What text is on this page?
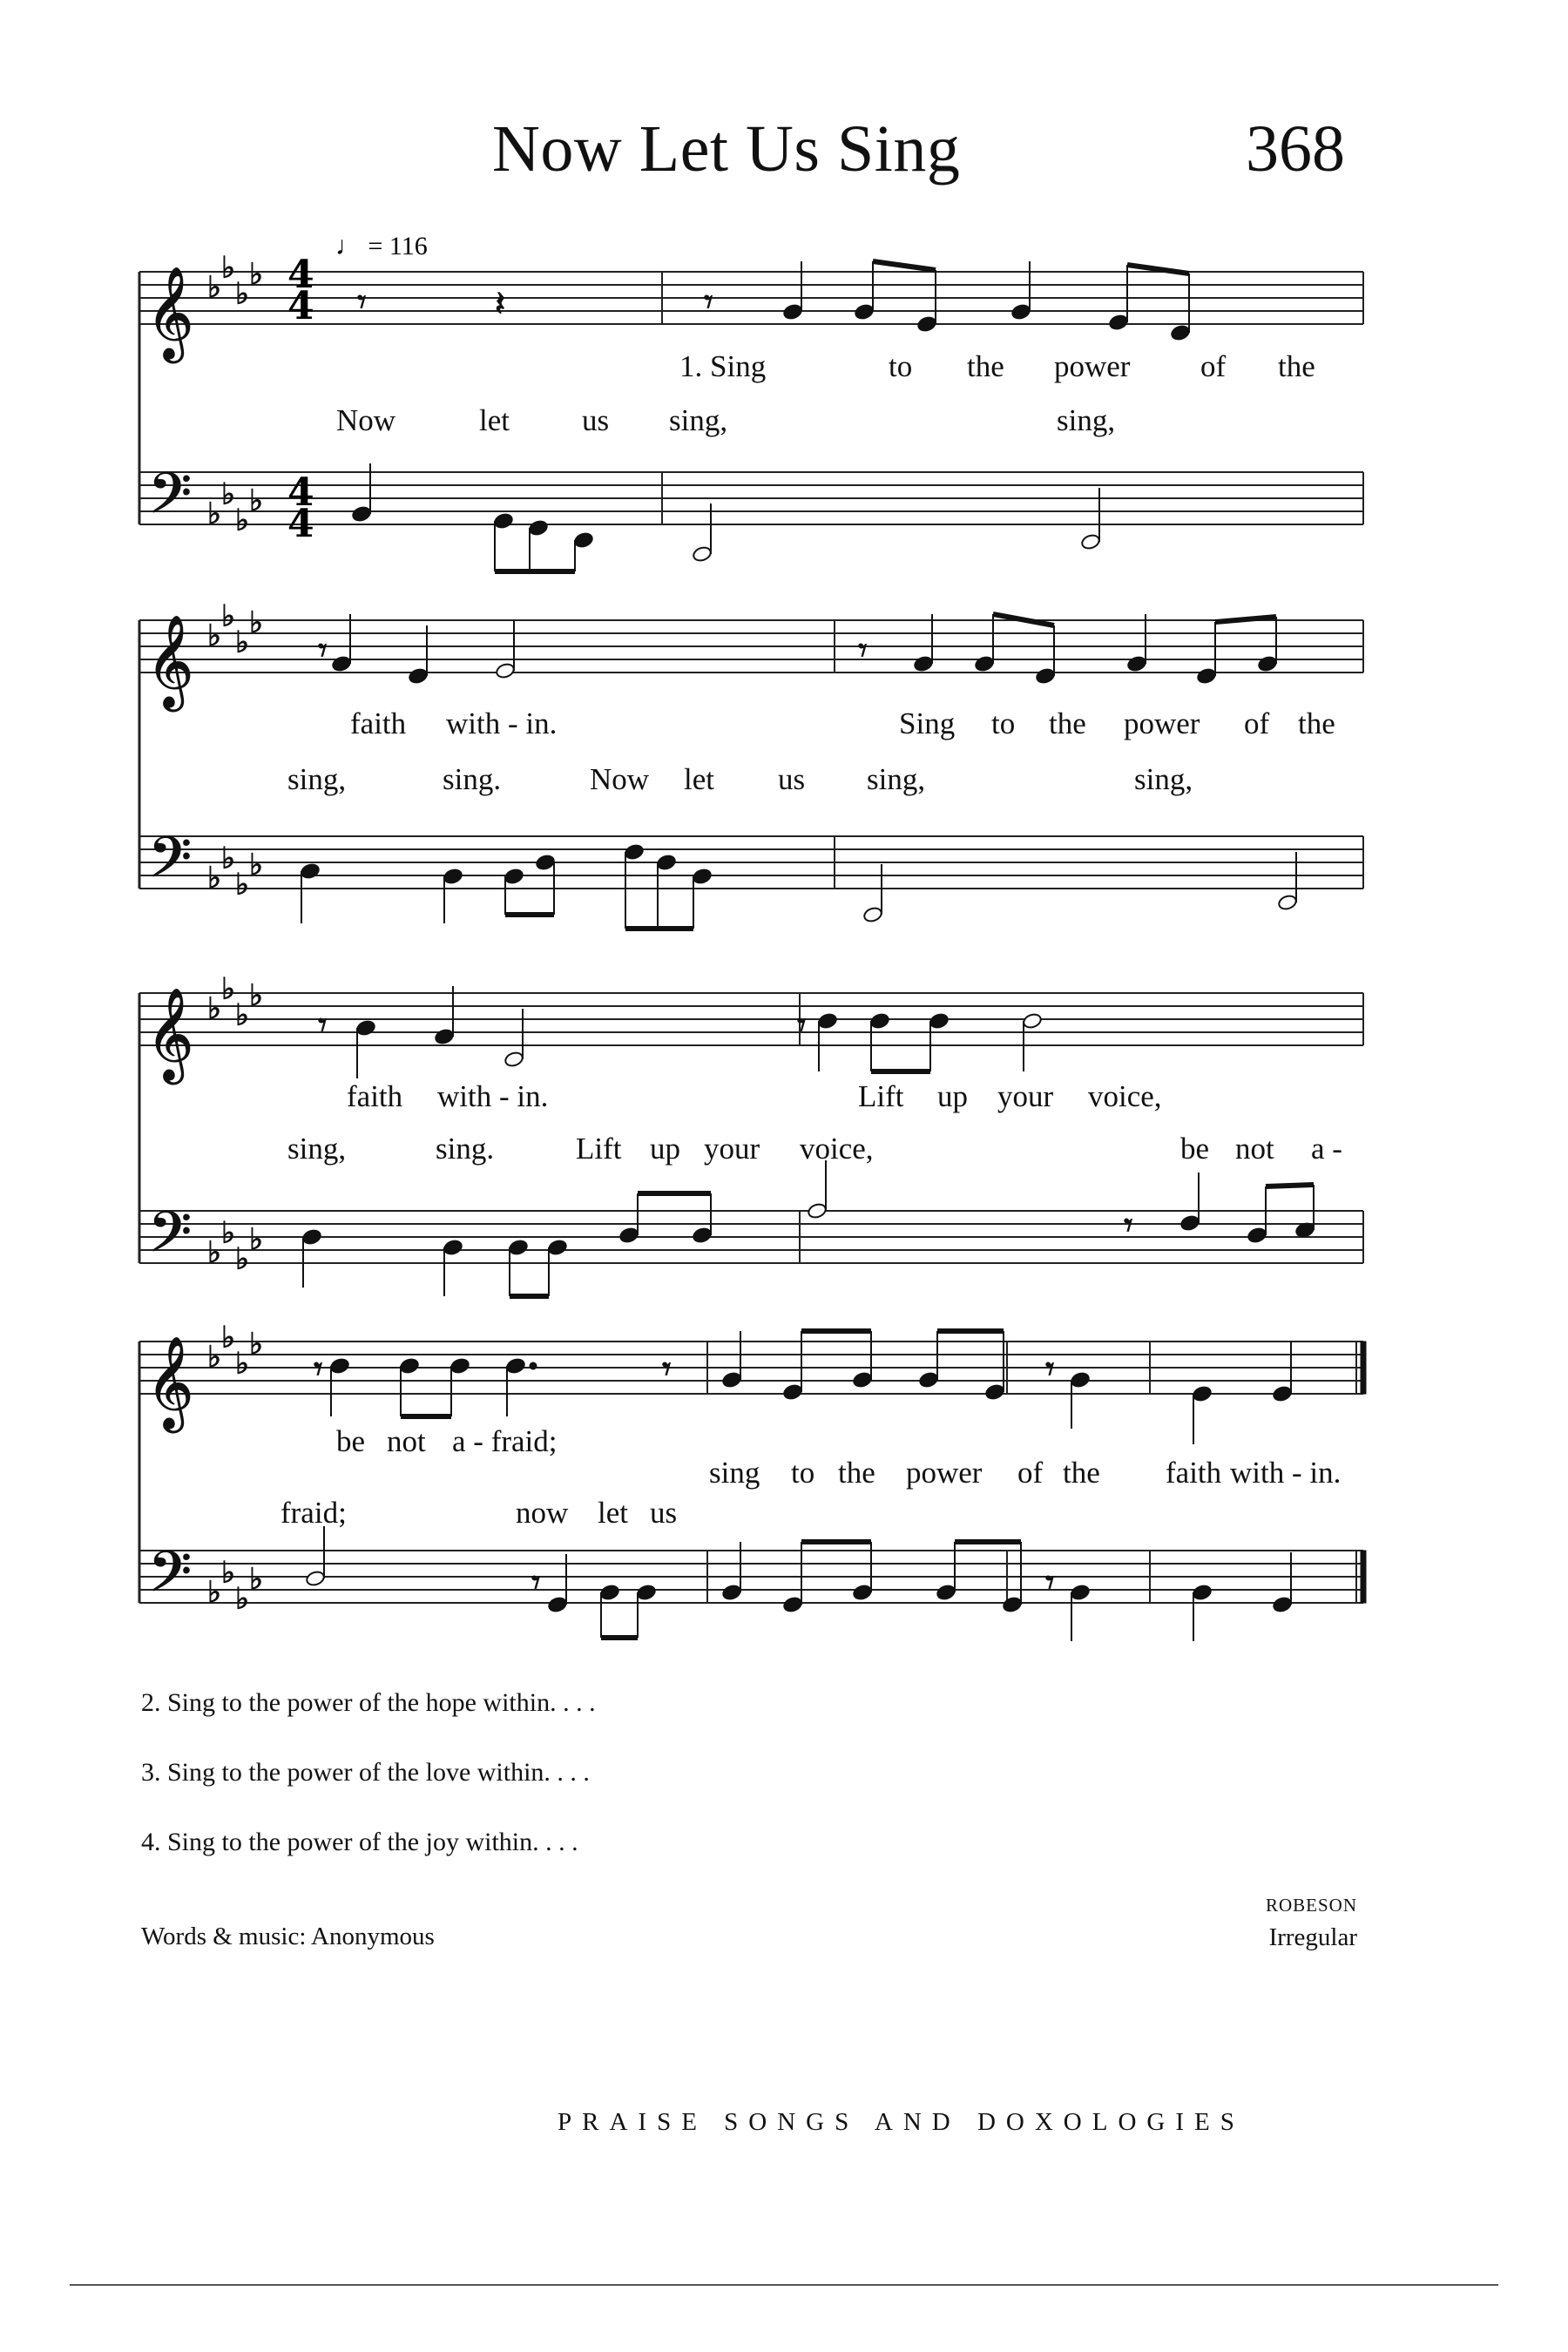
Now Let Us Sing	368
𝄞 ♭
♭
♭
♭
𝄢 ♭
♭
♭
♭
𝄞 ♭
♭
♭
♭
𝄢 ♭
♭
♭
♭
𝄞 ♭
♭
♭
♭
𝄢 ♭
♭
♭
♭
𝄞 ♭
♭
♭
♭
𝄢 ♭
♭
♭
♭
𝄾	𝄽	𝄾
𝄾	𝄾
𝄾	𝄾
𝄾
𝄾	𝄾	𝄾
𝄾	𝄾
♩ = 116
4
4
4
4
1. Sing	to the power of the
Now	let us sing,	sing,
faith with - in.	Sing to the power of the
sing,	sing.	Now let us sing,	sing,
faith with - in.	Lift up your voice,
sing,	sing.	Lift up your voice,	be not a -
be not a - fraid;
sing to the power of the faith with - in.
fraid;	now let us
2. Sing to the power of the hope within. . . .
3. Sing to the power of the love within. . . .
4. Sing to the power of the joy within. . . .
Words & music: Anonymous
ROBESON
Irregular
PRAISE SONGS AND DOXOLOGIES
